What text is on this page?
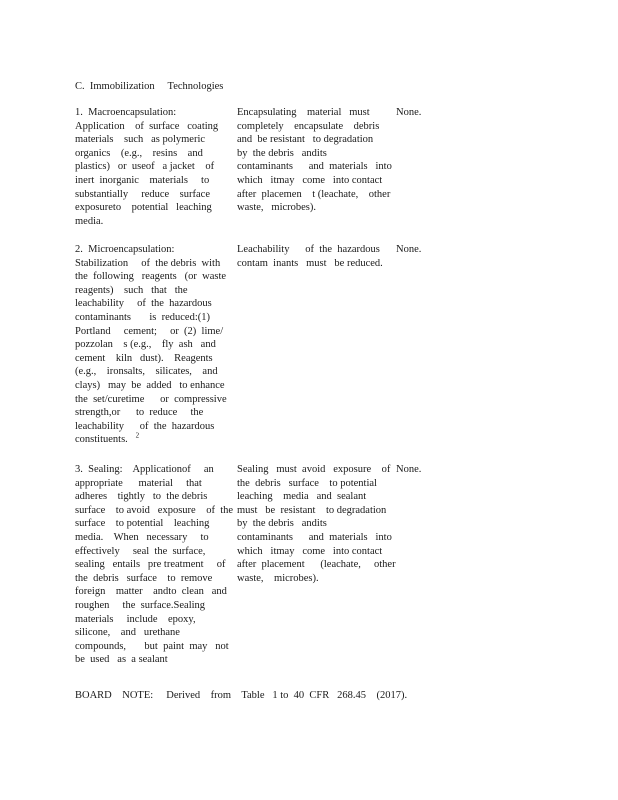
C.  Immobilization     Technologies
1.  Macroencapsulation:
Application    of  surface   coating
materials    such   as polymeric
organics    (e.g.,    resins    and
plastics)   or  useof   a jacket    of
inert  inorganic    materials     to
substantially     reduce    surface
exposureto    potential   leaching
media.
Encapsulating    material   must
completely    encapsulate    debris
and  be resistant   to degradation
by  the debris   andits
contaminants      and  materials   into
which   itmay   come   into contact
after  placemen    t (leachate,    other
waste,   microbes).
None.
2.  Microencapsulation:
Stabilization     of  the debris  with
the  following   reagents   (or  waste
reagents)    such   that   the
leachability     of  the  hazardous
contaminants       is  reduced:(1)
Portland     cement;     or  (2)  lime/
pozzolan    s (e.g.,    fly  ash   and
cement    kiln   dust).    Reagents
(e.g.,    ironsalts,    silicates,    and
clays)   may  be  added   to enhance
the  set/curetime      or  compressive
strength,or      to  reduce     the
leachability      of  the  hazardous
constituents. $^2$
Leachability      of  the  hazardous
contam  inants   must   be reduced.
None.
3.  Sealing:    Applicationof     an
appropriate      material     that
adheres    tightly   to  the debris
surface    to avoid   exposure    of  the
surface    to potential    leaching
media.    When   necessary     to
effectively     seal  the  surface,
sealing   entails   pre treatment     of
the  debris   surface    to  remove
foreign    matter    andto  clean   and
roughen     the  surface.Sealing
materials     include    epoxy,
silicone,    and   urethane
compounds,       but  paint  may   not
be  used   as  a sealant
Sealing   must  avoid   exposure    of
the  debris   surface    to potential
leaching    media   and  sealant
must   be  resistant    to degradation
by  the debris   andits
contaminants      and  materials   into
which   itmay   come   into contact
after  placement      (leachate,     other
waste,    microbes).
None.
BOARD    NOTE:     Derived    from    Table   1 to  40  CFR   268.45    (2017).
